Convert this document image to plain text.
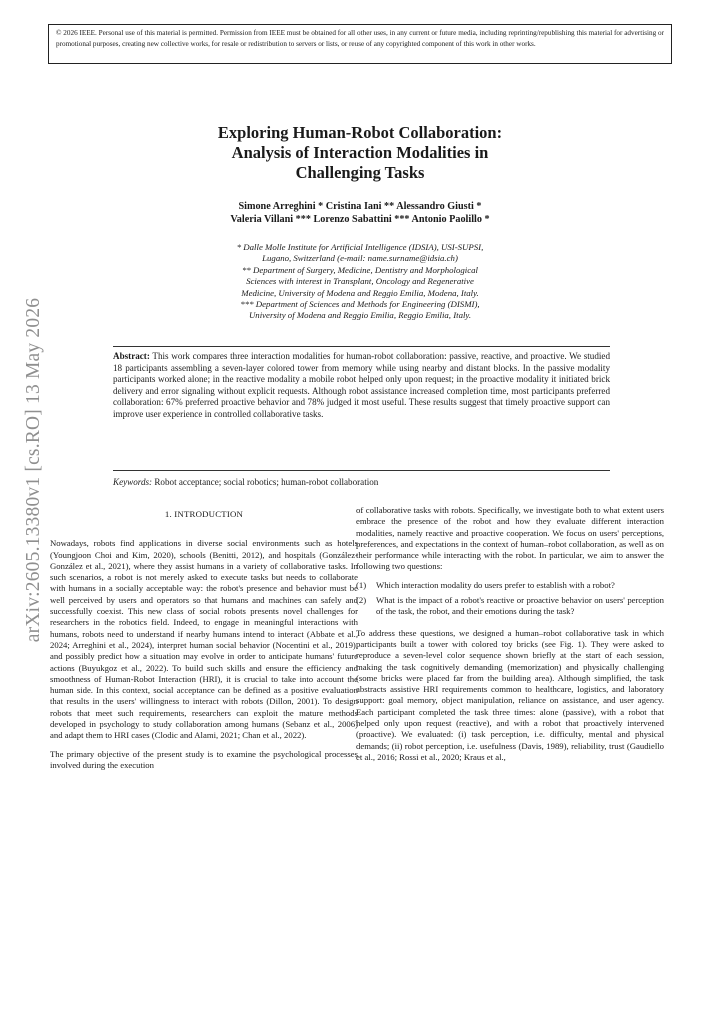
© 2026 IEEE. Personal use of this material is permitted. Permission from IEEE must be obtained for all other uses, in any current or future media, including reprinting/republishing this material for advertising or promotional purposes, creating new collective works, for resale or redistribution to servers or lists, or reuse of any copyrighted component of this work in other works.
arXiv:2605.13380v1 [cs.RO] 13 May 2026
Exploring Human-Robot Collaboration:
Analysis of Interaction Modalities in
Challenging Tasks
Simone Arreghini * Cristina Iani ** Alessandro Giusti *
Valeria Villani *** Lorenzo Sabattini *** Antonio Paolillo *
* Dalle Molle Institute for Artificial Intelligence (IDSIA), USI-SUPSI,
Lugano, Switzerland (e-mail: name.surname@idsia.ch)
** Department of Surgery, Medicine, Dentistry and Morphological
Sciences with interest in Transplant, Oncology and Regenerative
Medicine, University of Modena and Reggio Emilia, Modena, Italy.
*** Department of Sciences and Methods for Engineering (DISMI),
University of Modena and Reggio Emilia, Reggio Emilia, Italy.

Abstract: This work compares three interaction modalities for human-robot collaboration: passive, reactive, and proactive. We studied 18 participants assembling a seven-layer colored tower from memory while using nearby and distant blocks. In the passive modality participants worked alone; in the reactive modality a mobile robot helped only upon request; in the proactive modality it initiated brick delivery and error signaling without explicit requests. Although robot assistance increased completion time, most participants preferred collaboration: 67% preferred proactive behavior and 78% judged it most useful. These results suggest that timely proactive support can improve user experience in controlled collaborative tasks.

Keywords: Robot acceptance; social robotics; human-robot collaboration
1. INTRODUCTION

Nowadays, robots find applications in diverse social environments such as hotels (Youngjoon Choi and Kim, 2020), schools (Benitti, 2012), and hospitals (González-González et al., 2021), where they assist humans in a variety of collaborative tasks. In such scenarios, a robot is not merely asked to execute tasks but needs to collaborate with humans in a socially acceptable way: the robot's presence and behavior must be well perceived by users and operators so that humans and machines can safely and successfully coexist. This new class of social robots presents novel challenges for researchers in the robotics field. Indeed, to engage in meaningful interactions with humans, robots need to understand if nearby humans intend to interact (Abbate et al., 2024; Arreghini et al., 2024), interpret human social behavior (Nocentini et al., 2019), and possibly predict how a situation may evolve in order to anticipate humans' future actions (Buyukgoz et al., 2022). To build such skills and ensure the efficiency and smoothness of Human-Robot Interaction (HRI), it is crucial to take into account the human side. In this context, social acceptance can be defined as a positive evaluation that results in the users' willingness to interact with robots (Dillon, 2001). To design robots that meet such requirements, researchers can exploit the mature methods developed in psychology to study collaboration among humans (Sebanz et al., 2006) and adapt them to HRI cases (Clodic and Alami, 2021; Chan et al., 2022).

The primary objective of the present study is to examine the psychological processes involved during the execution

of collaborative tasks with robots. Specifically, we investigate both to what extent users embrace the presence of the robot and how they evaluate different interaction modalities, namely reactive and proactive cooperation. We focus on users' perceptions, preferences, and expectations in the context of human–robot collaboration, as well as on their performance while interacting with the robot. In particular, we aim to answer the following two questions:

(1) Which interaction modality do users prefer to establish with a robot?
(2) What is the impact of a robot's reactive or proactive behavior on users' perception of the task, the robot, and their emotions during the task?

To address these questions, we designed a human–robot collaborative task in which participants built a tower with colored toy bricks (see Fig. 1). They were asked to reproduce a seven-level color sequence shown briefly at the start of each session, making the task cognitively demanding (memorization) and physically challenging (some bricks were placed far from the building area). Although simplified, the task abstracts assistive HRI requirements common to healthcare, logistics, and laboratory support: goal memory, object manipulation, reliance on assistance, and user agency. Each participant completed the task three times: alone (passive), with a robot that helped only upon request (reactive), and with a robot that proactively intervened (proactive). We evaluated: (i) task perception, i.e. difficulty, mental and physical demands; (ii) robot perception, i.e. usefulness (Davis, 1989), reliability, trust (Gaudiello et al., 2016; Rossi et al., 2020; Kraus et al.,
